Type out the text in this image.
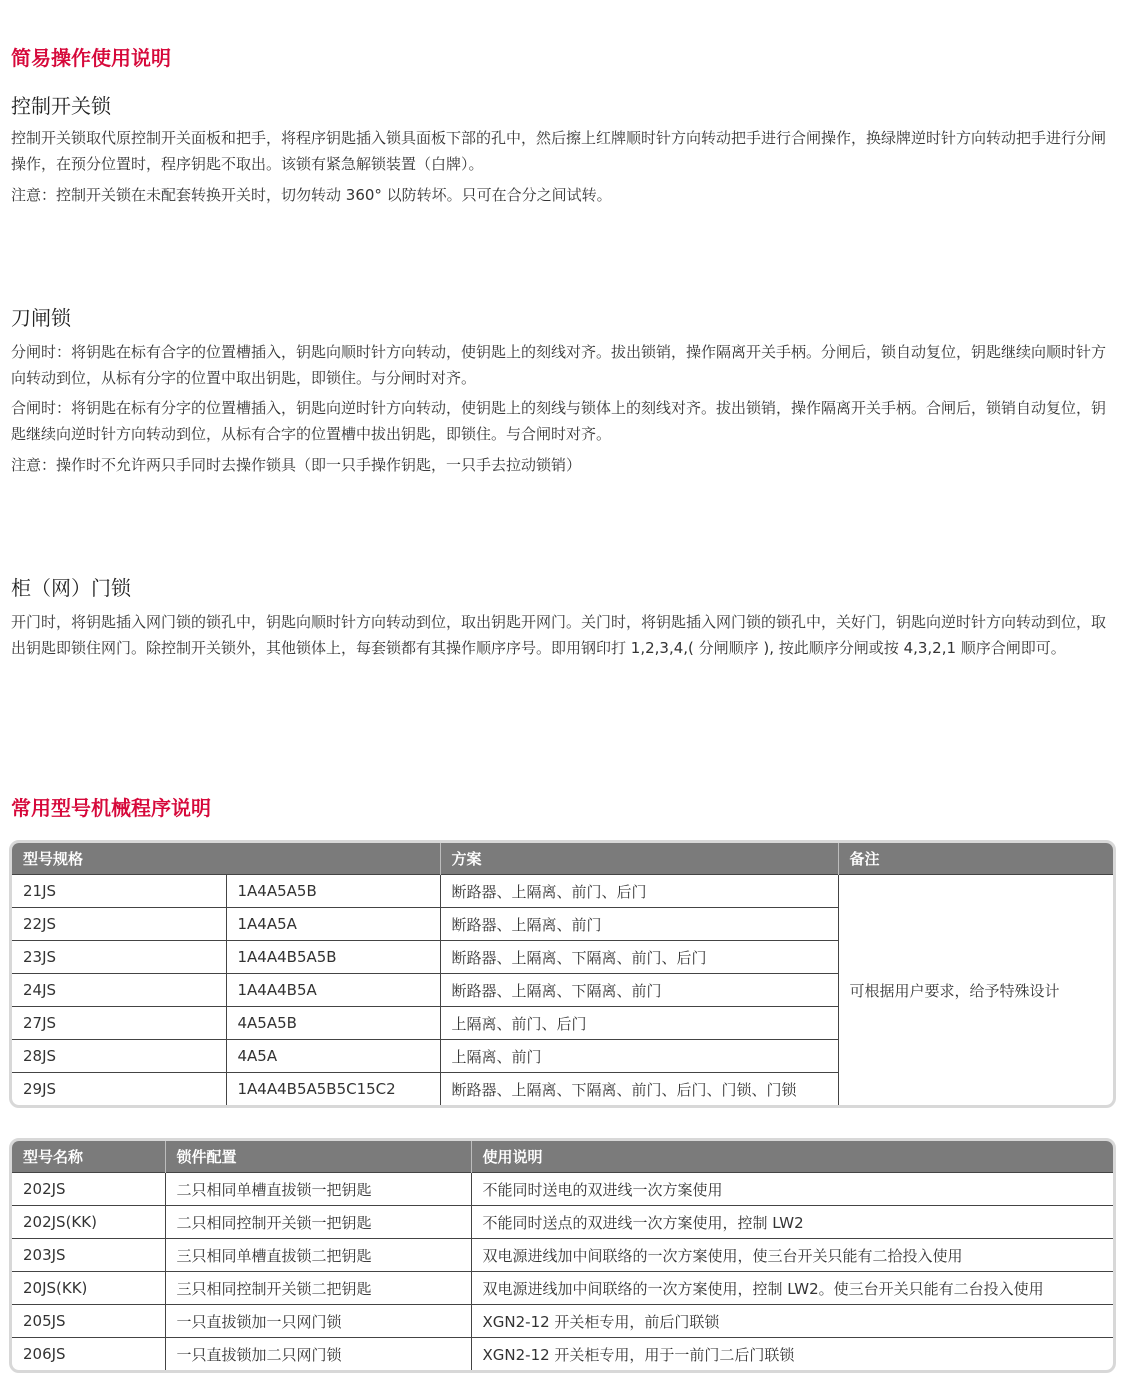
简易操作使用说明
控制开关锁

控制开关锁取代原控制开关面板和把手，将程序钥匙插入锁具面板下部的孔中，然后擦上红牌顺时针方向转动把手进行合闸操作，换绿牌逆时针方向转动把手进行分闸操作，在预分位置时，程序钥匙不取出。该锁有紧急解锁装置（白牌）。

注意：控制开关锁在未配套转换开关时，切勿转动 360° 以防转坏。只可在合分之间试转。

刀闸锁

分闸时：将钥匙在标有合字的位置槽插入，钥匙向顺时针方向转动，使钥匙上的刻线对齐。拔出锁销，操作隔离开关手柄。分闸后，锁自动复位，钥匙继续向顺时针方向转动到位，从标有分字的位置中取出钥匙，即锁住。与分闸时对齐。

合闸时：将钥匙在标有分字的位置槽插入，钥匙向逆时针方向转动，使钥匙上的刻线与锁体上的刻线对齐。拔出锁销，操作隔离开关手柄。合闸后，锁销自动复位，钥匙继续向逆时针方向转动到位，从标有合字的位置槽中拔出钥匙，即锁住。与合闸时对齐。

注意：操作时不允许两只手同时去操作锁具（即一只手操作钥匙，一只手去拉动锁销）

柜（网）门锁

开门时，将钥匙插入网门锁的锁孔中，钥匙向顺时针方向转动到位，取出钥匙开网门。关门时，将钥匙插入网门锁的锁孔中，关好门，钥匙向逆时针方向转动到位，取出钥匙即锁住网门。除控制开关锁外，其他锁体上，每套锁都有其操作顺序序号。即用钢印打 1,2,3,4,( 分闸顺序 ), 按此顺序分闸或按 4,3,2,1 顺序合闸即可。

常用型号机械程序说明
型号规格		方案	备注
21JS	1A4A5A5B	断路器、上隔离、前门、后门	可根据用户要求，给予特殊设计
22JS	1A4A5A	断路器、上隔离、前门	
23JS	1A4A4B5A5B	断路器、上隔离、下隔离、前门、后门	
24JS	1A4A4B5A	断路器、上隔离、下隔离、前门	
27JS	4A5A5B	上隔离、前门、后门	
28JS	4A5A	上隔离、前门	
29JS	1A4A4B5A5B5C15C2	断路器、上隔离、下隔离、前门、后门、门锁、门锁	
型号名称	锁件配置	使用说明
202JS	二只相同单槽直拔锁一把钥匙	不能同时送电的双进线一次方案使用
202JS(KK)	二只相同控制开关锁一把钥匙	不能同时送点的双进线一次方案使用，控制 LW2
203JS	三只相同单槽直拔锁二把钥匙	双电源进线加中间联络的一次方案使用，使三台开关只能有二拾投入使用
20JS(KK)	三只相同控制开关锁二把钥匙	双电源进线加中间联络的一次方案使用，控制 LW2。使三台开关只能有二台投入使用
205JS	一只直拔锁加一只网门锁	XGN2-12 开关柜专用，前后门联锁
206JS	一只直拔锁加二只网门锁	XGN2-12 开关柜专用，用于一前门二后门联锁
